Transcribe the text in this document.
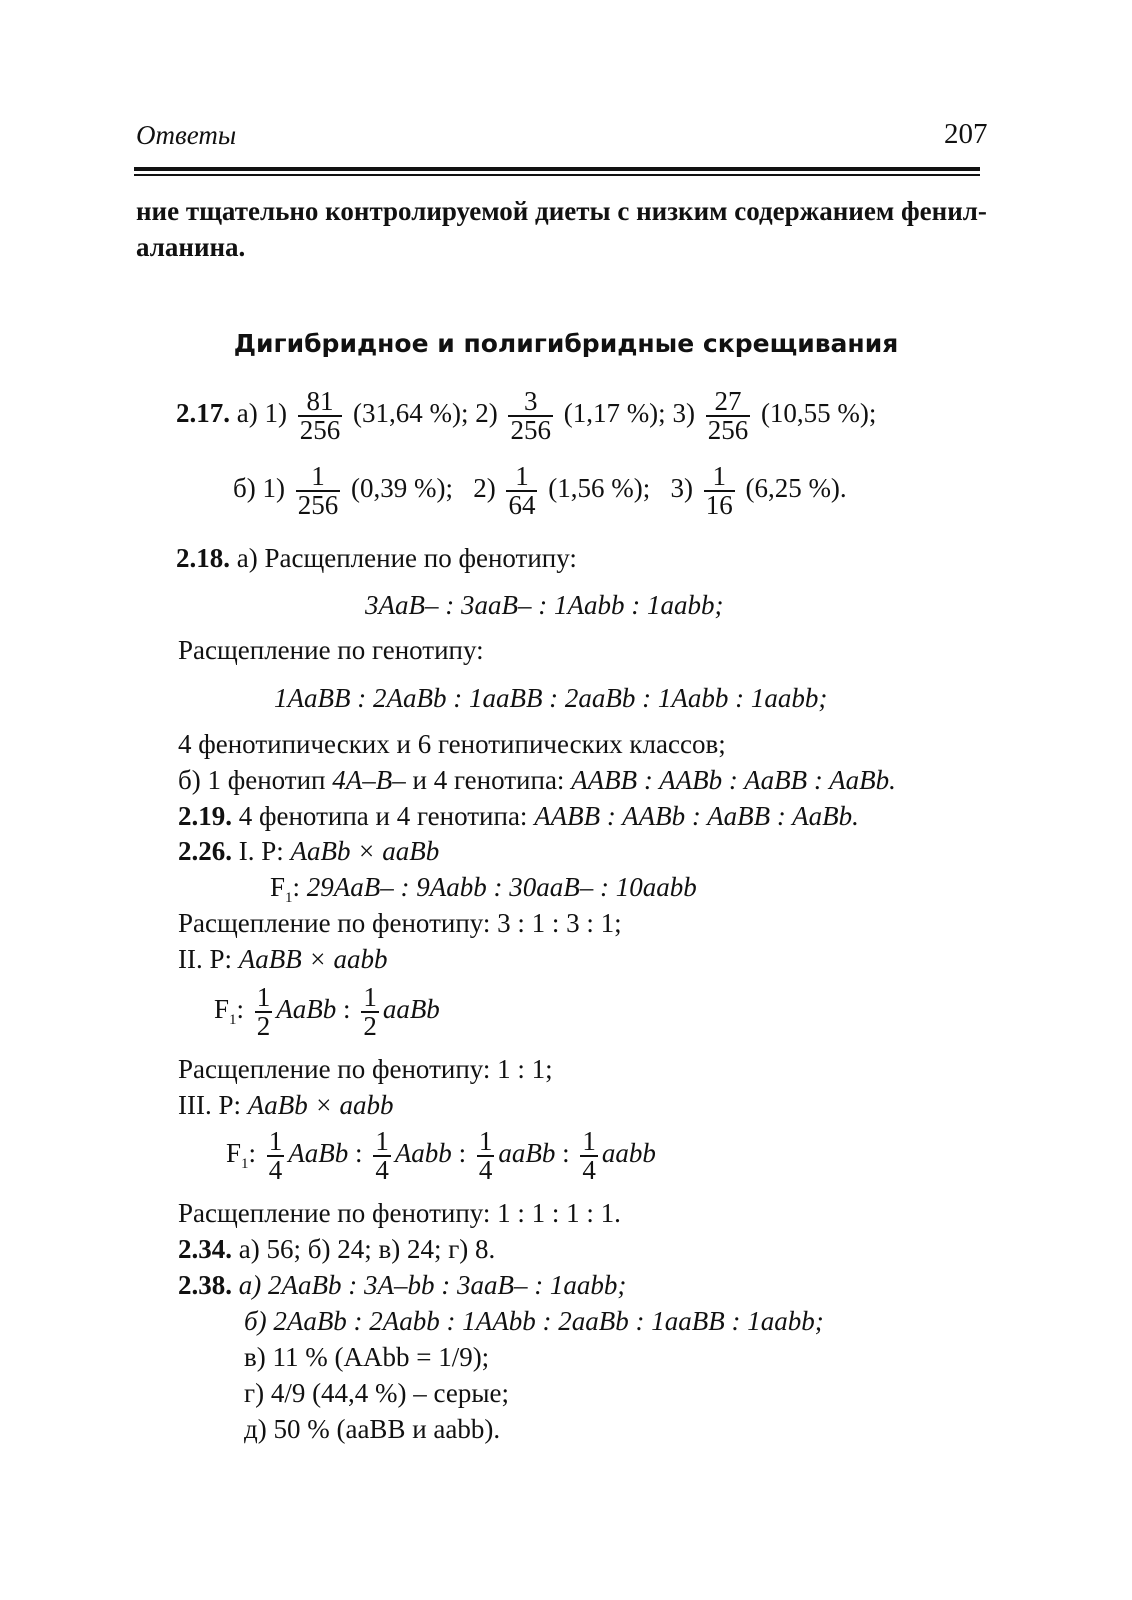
Ответы	207
ние тщательно контролируемой диеты с низким содержанием фенил-
аланина.
Дигибридное и полигибридные скрещивания
2.17. а) $1) \frac{81}{256} (31,64$ %); $2) \frac{3}{256} (1,17$ %); $3) \frac{27}{256} (10,55$ %);
б) $1) \frac{1}{256} (0,39$ %); $2) \frac{1}{64} (1,56$ %); $3) \frac{1}{16} (6,25$ %).
2.18. а) Расщепление по фенотипу:
3AaB– : 3aaB– : 1Aabb : 1aabb;
Расщепление по генотипу:
1AaBB : 2AaBb : 1aaBB : 2aaBb : 1Aabb : 1aabb;
4 фенотипических и 6 генотипических классов;
б) 1 фенотип 4A–B– и 4 генотипа: AABB : AABb : AaBB : AaBb.
2.19. 4 фенотипа и 4 генотипа: AABB : AABb : AaBB : AaBb.
2.26. I. P: AaBb × aaBb
$F_1$: 29AaB– : 9Aabb : 30aaB– : 10aabb
Расщепление по фенотипу: 3 : 1 : 3 : 1;
II. P: AaBB × aabb
$F_1$: $\frac{1}{2}$ AaBb : $\frac{1}{2}$ aaBb
Расщепление по фенотипу: 1 : 1;
III. P: AaBb × aabb
$F_1$: $\frac{1}{4}$ AaBb : $\frac{1}{4}$ Aabb : $\frac{1}{4}$ aaBb : $\frac{1}{4}$ aabb
Расщепление по фенотипу: 1 : 1 : 1 : 1.
2.34. а) 56; б) 24; в) 24; г) 8.
2.38. а) 2AaBb : 3A–bb : 3aaB– : 1aabb;
б) 2AaBb : 2Aabb : 1AAbb : 2aaBb : 1aaBB : 1aabb;
в) 11 % (AAbb = 1/9);
г) 4/9 (44,4 %) – серые;
д) 50 % (aaBB и aabb).
